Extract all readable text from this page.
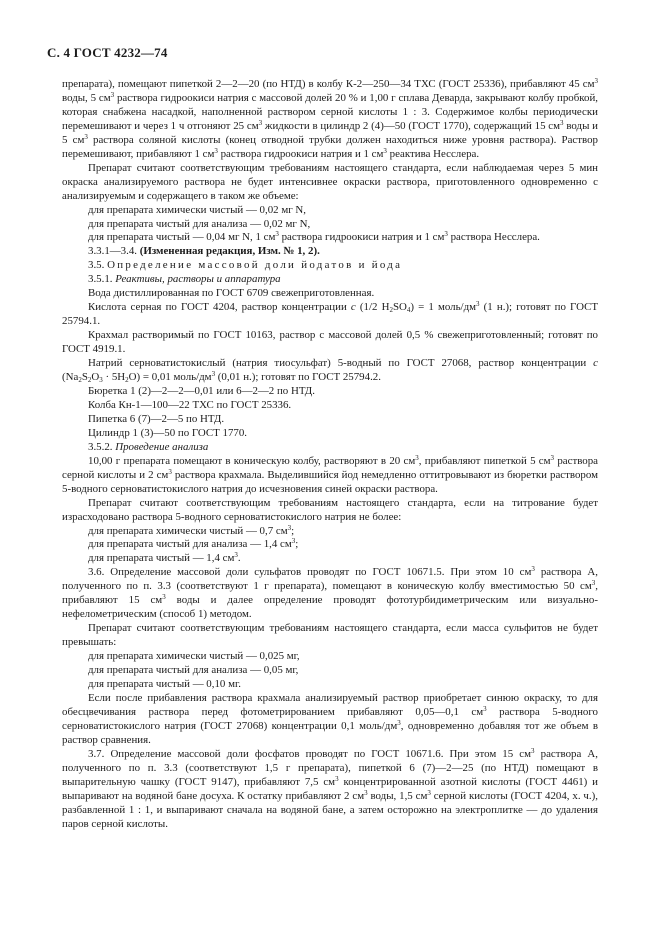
С. 4 ГОСТ 4232—74

препарата), помещают пипеткой 2—2—20 (по НТД) в колбу К-2—250—34 ТХС (ГОСТ 25336), прибавляют 45 $см^3$ воды, 5 $см^3$ раствора гидроокиси натрия с массовой долей 20 % и 1,00 г сплава Деварда, закрывают колбу пробкой, которая снабжена насадкой, наполненной раствором серной кислоты 1 : 3. Содержимое колбы периодически перемешивают и через 1 ч отгоняют 25 $см^3$ жидкости в цилиндр 2 (4)—50 (ГОСТ 1770), содержащий 15 $см^3$ воды и 5 $см^3$ раствора соляной кислоты (конец отводной трубки должен находиться ниже уровня раствора). Раствор перемешивают, прибавляют 1 $см^3$ раствора гидроокиси натрия и 1 $см^3$ реактива Несслера.

Препарат считают соответствующим требованиям настоящего стандарта, если наблюдаемая через 5 мин окраска анализируемого раствора не будет интенсивнее окраски раствора, приготовленного одновременно с анализируемым и содержащего в таком же объеме:

для препарата химически чистый — 0,02 мг N,

для препарата чистый для анализа — 0,02 мг N,

для препарата чистый — 0,04 мг N, 1 $см^3$ раствора гидроокиси натрия и 1 $см^3$ раствора Несслера.

3.3.1—3.4. (Измененная редакция, Изм. № 1, 2).

3.5. Определение массовой доли йодатов и йода

3.5.1. Реактивы, растворы и аппаратура

Вода дистиллированная по ГОСТ 6709 свежеприготовленная.

Кислота серная по ГОСТ 4204, раствор концентрации c (1/2 $H_2SO_4) = 1$ моль/$дм^3$ (1 н.); готовят по ГОСТ 25794.1.

Крахмал растворимый по ГОСТ 10163, раствор с массовой долей 0,5 % свежеприготовленный; готовят по ГОСТ 4919.1.

Натрий серноватистокислый (натрия тиосульфат) 5-водный по ГОСТ 27068, раствор концентрации c $(Na_2S_2O_3 \cdot 5H_2O) = 0,01$ моль/$дм^3$ (0,01 н.); готовят по ГОСТ 25794.2.

Бюретка 1 (2)—2—2—0,01 или 6—2—2 по НТД.

Колба Кн-1—100—22 ТХС по ГОСТ 25336.

Пипетка 6 (7)—2—5 по НТД.

Цилиндр 1 (3)—50 по ГОСТ 1770.

3.5.2. Проведение анализа

10,00 г препарата помещают в коническую колбу, растворяют в 20 $см^3$, прибавляют пипеткой 5 $см^3$ раствора серной кислоты и 2 $см^3$ раствора крахмала. Выделившийся йод немедленно оттитровывают из бюретки раствором 5-водного серноватистокислого натрия до исчезновения синей окраски раствора.

Препарат считают соответствующим требованиям настоящего стандарта, если на титрование будет израсходовано раствора 5-водного серноватистокислого натрия не более:

для препарата химически чистый — 0,7 $см^3$;

для препарата чистый для анализа — 1,4 $см^3$;

для препарата чистый — 1,4 $см^3$.

3.6. Определение массовой доли сульфатов проводят по ГОСТ 10671.5. При этом 10 $см^3$ раствора А, полученного по п. 3.3 (соответствуют 1 г препарата), помещают в коническую колбу вместимостью 50 $см^3$, прибавляют 15 $см^3$ воды и далее определение проводят фототурбидиметрическим или визуально-нефелометрическим (способ 1) методом.

Препарат считают соответствующим требованиям настоящего стандарта, если масса сульфитов не будет превышать:

для препарата химически чистый — 0,025 мг,

для препарата чистый для анализа — 0,05 мг,

для препарата чистый — 0,10 мг.

Если после прибавления раствора крахмала анализируемый раствор приобретает синюю окраску, то для обесцвечивания раствора перед фотометрированием прибавляют 0,05—0,1 $см^3$ раствора 5-водного серноватистокислого натрия (ГОСТ 27068) концентрации 0,1 моль/$дм^3$, одновременно добавляя тот же объем в раствор сравнения.

3.7. Определение массовой доли фосфатов проводят по ГОСТ 10671.6. При этом 15 $см^3$ раствора А, полученного по п. 3.3 (соответствуют 1,5 г препарата), пипеткой 6 (7)—2—25 (по НТД) помещают в выпарительную чашку (ГОСТ 9147), прибавляют 7,5 $см^3$ концентрированной азотной кислоты (ГОСТ 4461) и выпаривают на водяной бане досуха. К остатку прибавляют 2 $см^3$ воды, 1,5 $см^3$ серной кислоты (ГОСТ 4204, х. ч.), разбавленной 1 : 1, и выпаривают сначала на водяной бане, а затем осторожно на электроплитке — до удаления паров серной кислоты.
